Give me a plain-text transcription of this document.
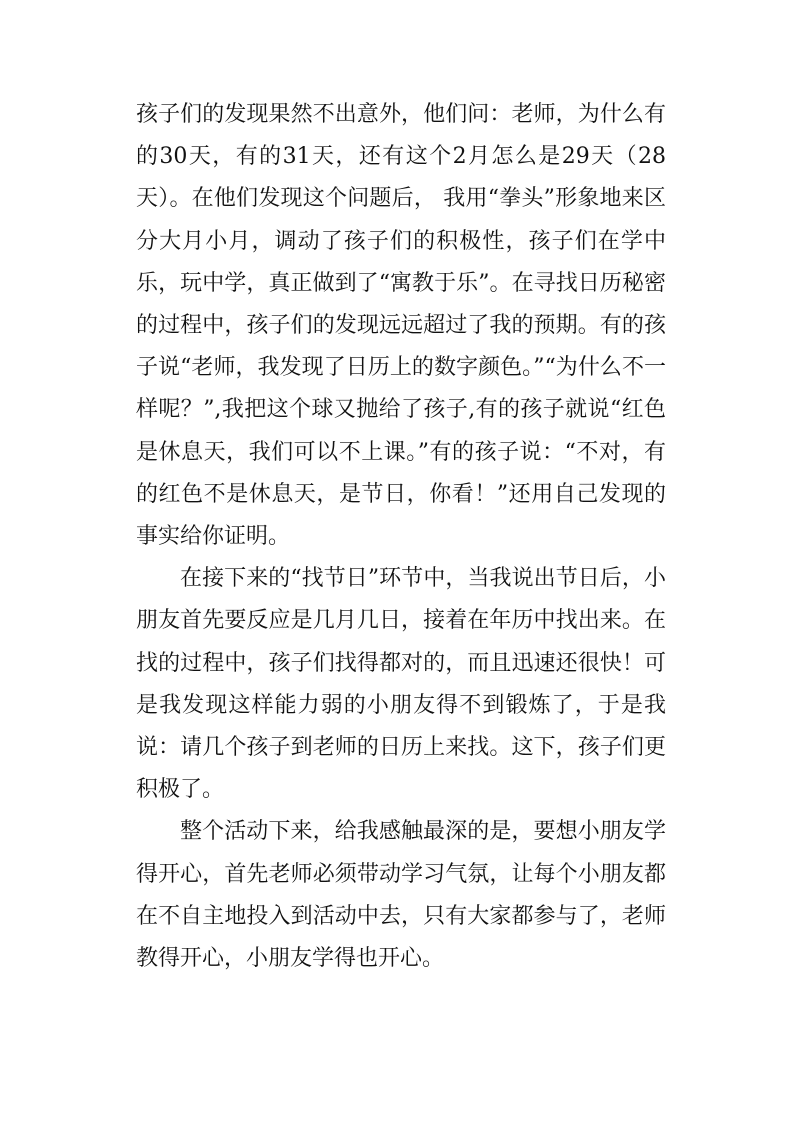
孩子们的发现果然不出意外，他们问：老师，为什么有的30天，有的31天，还有这个2月怎么是29天（28天）。在他们发现这个问题后， 我用“拳头”形象地来区分大月小月，调动了孩子们的积极性，孩子们在学中乐，玩中学，真正做到了“寓教于乐”。在寻找日历秘密的过程中，孩子们的发现远远超过了我的预期。有的孩子说“老师，我发现了日历上的数字颜色。”“为什么不一样呢？”,我把这个球又抛给了孩子,有的孩子就说“红色是休息天，我们可以不上课。”有的孩子说：“不对，有的红色不是休息天，是节日，你看！”还用自己发现的事实给你证明。

在接下来的“找节日”环节中，当我说出节日后，小朋友首先要反应是几月几日，接着在年历中找出来。在找的过程中，孩子们找得都对的，而且迅速还很快！可是我发现这样能力弱的小朋友得不到锻炼了，于是我说：请几个孩子到老师的日历上来找。这下，孩子们更积极了。

整个活动下来，给我感触最深的是，要想小朋友学得开心，首先老师必须带动学习气氛，让每个小朋友都在不自主地投入到活动中去，只有大家都参与了，老师教得开心，小朋友学得也开心。
